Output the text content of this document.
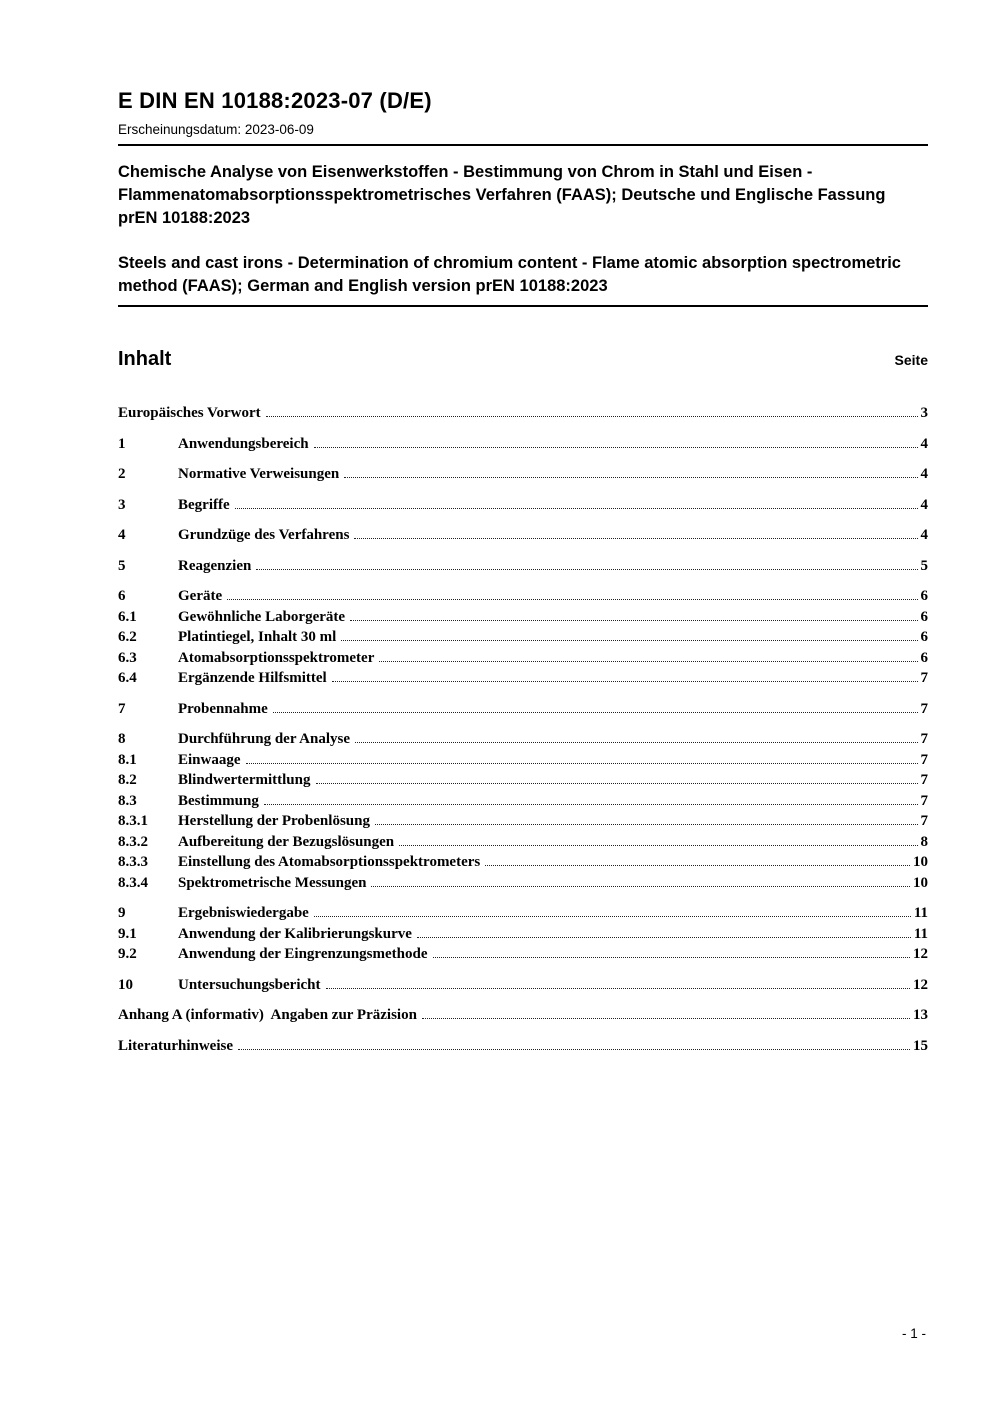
E DIN EN 10188:2023-07 (D/E)

Erscheinungsdatum: 2023-06-09

Chemische Analyse von Eisenwerkstoffen - Bestimmung von Chrom in Stahl und Eisen - Flammenatomabsorptionsspektrometrisches Verfahren (FAAS); Deutsche und Englische Fassung prEN 10188:2023

Steels and cast irons - Determination of chromium content - Flame atomic absorption spectrometric method (FAAS); German and English version prEN 10188:2023

Inhalt	Seite
Europäisches Vorwort	3
1	Anwendungsbereich	4
2	Normative Verweisungen	4
3	Begriffe	4
4	Grundzüge des Verfahrens	4
5	Reagenzien	5
6	Geräte	6
6.1	Gewöhnliche Laborgeräte	6
6.2	Platintiegel, Inhalt 30 ml	6
6.3	Atomabsorptionsspektrometer	6
6.4	Ergänzende Hilfsmittel	7
7	Probennahme	7
8	Durchführung der Analyse	7
8.1	Einwaage	7
8.2	Blindwertermittlung	7
8.3	Bestimmung	7
8.3.1	Herstellung der Probenlösung	7
8.3.2	Aufbereitung der Bezugslösungen	8
8.3.3	Einstellung des Atomabsorptionsspektrometers	10
8.3.4	Spektrometrische Messungen	10
9	Ergebniswiedergabe	11
9.1	Anwendung der Kalibrierungskurve	11
9.2	Anwendung der Eingrenzungsmethode	12
10	Untersuchungsbericht	12
Anhang A (informativ)  Angaben zur Präzision	13
Literaturhinweise	15
- 1 -
